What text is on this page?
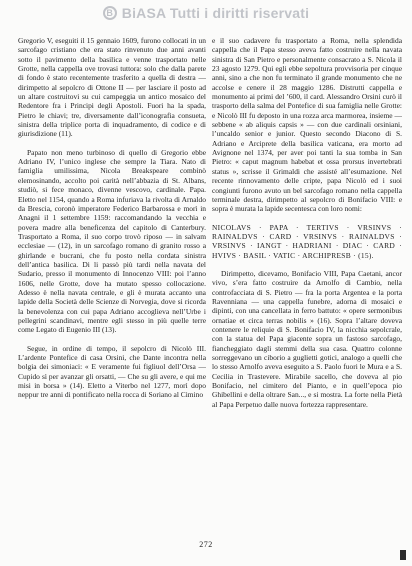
B BiASA Tutti i diritti riservati

Gregorio V, eseguiti il 15 gennaio 1609, furono collocati in un sarcofago cristiano che era stato rinvenuto due anni avanti sotto il pavimento della basilica e venne trasportato nelle Grotte, nella cappella ove trovasi tuttora: solo che dalla parete di fondo è stato recentemente trasferito a quella di destra — dirimpetto al sepolcro di Ottone II — per lasciare il posto ad un altare costruitovi su cui campeggia un antico mosaico del Redentore fra i Principi degli Apostoli. Fuori ha la spada, Pietro le chiavi; tre, diversamente dall’iconografia consueta, sinistra della triplice porta di inquadramento, di codice e di giurisdizione (11).

Papato non meno turbinoso di quello di Gregorio ebbe Adriano IV, l’unico inglese che sempre la Tiara. Nato di famiglia umilissima, Nicola Breakspeare combinò elemosinando, accolto poi carità nell’abbazia di St. Albans, studiò, si fece monaco, divenne vescovo, cardinale. Papa. Eletto nel 1154, quando a Roma infuriava la rivolta di Arnaldo da Brescia, coronò imperatore Federico Barbarossa e morì in Anagni il 1 settembre 1159: raccomandando la vecchia e povera madre alla beneficenza del capitolo di Canterbury. Trasportato a Roma, il suo corpo trovò riposo — in salvam ecclesiae — (12), in un sarcofago romano di granito rosso a ghirlande e bucrani, che fu posto nella cordata sinistra dell’antica basilica. Di li passò più tardi nella navata del Sudario, presso il monumento di Innocenzo VIII: poi l’anno 1606, nelle Grotte, dove ha mutato spesso collocazione. Adesso è nella navata centrale, e gli è murata accanto una lapide della Società delle Scienze di Norvegia, dove si ricorda la benevolenza con cui papa Adriano accoglieva nell’Urbe i pellegrini scandinavi, mentre egli stesso in più quelle terre come Legato di Eugenio III (13).

Segue, in ordine di tempo, il sepolcro di Nicolò III. L’ardente Pontefice di casa Orsini, che Dante incontra nella bolgia dei simoniaci: « E veramente fui figliuol dell’Orsa — Cupido sì per avanzar gli orsatti, — Che su gli avere, e qui me misi in borsa » (14). Eletto a Viterbo nel 1277, morì dopo neppur tre anni di pontificato nella rocca di Soriano al Cimino

e il suo cadavere fu trasportato a Roma, nella splendida cappella che il Papa stesso aveva fatto costruire nella navata sinistra di San Pietro e personalmente consacrato a S. Nicola il 23 agosto 1279. Qui egli ebbe sepoltura provvisoria per cinque anni, sino a che non fu terminato il grande monumento che ne accolse e cenere il 28 maggio 1286. Distrutti cappella e monumento ai primi del ’600, il card. Alessandro Orsini curò il trasporto della salma del Pontefice di sua famiglia nelle Grotte: e Nicolò III fu deposto in una rozza arca marmorea, insieme — sebbene « ab aliquis capsis » — con due cardinali orsiniani, l’uncaldo senior e junior. Questo secondo Diacono di S. Adriano e Arciprete della basilica vaticana, era morto ad Avignone nel 1374, per aver poi tanti la sua tomba in San Pietro: « caput magnum habebat et ossa prorsus invertebrati status », scrisse il Grimaldi che assisté all’esumazione. Nel recente rinnovamento delle cripte, papa Nicolò ed i suoi congiunti furono avuto un bel sarcofago romano nella cappella terminale destra, dirimpetto al sepolcro di Bonifacio VIII: e sopra è murata la lapide secentesca con loro nomi:

NICOLAVS · PAPA · TERTIVS · VRSINVS · RAINALDVS · CARD · VRSINVS · RAINALDVS · VRSINVS · IANGT · HADRIANI · DIAC · CARD · HVIVS · BASIL · VATIC · ARCHIPRESB · (15).

Dirimpetto, dicevamo, Bonifacio VIII, Papa Caetani, ancor vivo, s’era fatto costruire da Arnolfo di Cambio, nella controfacciata di S. Pietro — fra la porta Argentea e la porta Ravenniana — una cappella funebre, adorna di mosaici e dipinti, con una cancellata in ferro battuto: « opere sermonibus ornatiae et circa terras nobilis » (16). Sopra l’altare doveva contenere le reliquie di S. Bonifacio IV, la nicchia sepolcrale, con la statua del Papa giacente sopra un fastoso sarcofago, fiancheggiato dagli stemmi della sua casa. Quattro colonne sorreggevano un ciborio a guglietti gotici, analogo a quelli che lo stesso Arnolfo aveva eseguito a S. Paolo fuori le Mura e a S. Cecilia in Trastevere. Mirabile sacello, che doveva al pio Bonifacio, nel cimitero del Pianto, e in quell’epoca pio Ghibellini e della oltrare San..., e si mostra. La forte nella Pietà al Papa Perpetuo dalle nuova fortezza rappresentare.

272
